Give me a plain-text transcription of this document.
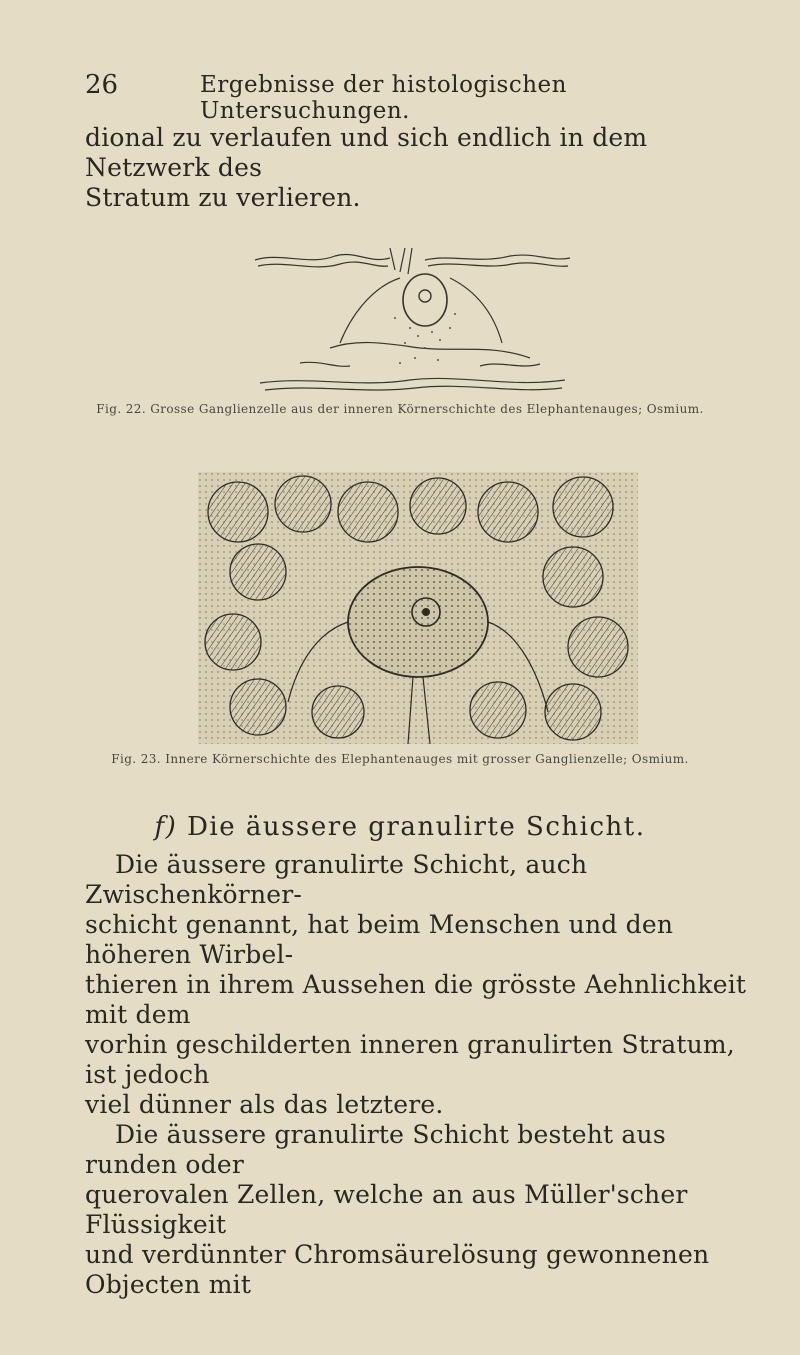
26	Ergebnisse der histologischen Untersuchungen.

dional zu verlaufen und sich endlich in dem Netzwerk des

Stratum zu verlieren.

Fig. 22. Grosse Ganglienzelle aus der inneren Körnerschichte des Elephantenauges; Osmium.
Fig. 23. Innere Körnerschichte des Elephantenauges mit grosser Ganglienzelle; Osmium.
f) Die äussere granulirte Schicht.

Die äussere granulirte Schicht, auch Zwischenkörner-

schicht genannt, hat beim Menschen und den höheren Wirbel-

thieren in ihrem Aussehen die grösste Aehnlichkeit mit dem

vorhin geschilderten inneren granulirten Stratum, ist jedoch

viel dünner als das letztere.

Die äussere granulirte Schicht besteht aus runden oder

querovalen Zellen, welche an aus Müller'scher Flüssigkeit

und verdünnter Chromsäurelösung gewonnenen Objecten mit
